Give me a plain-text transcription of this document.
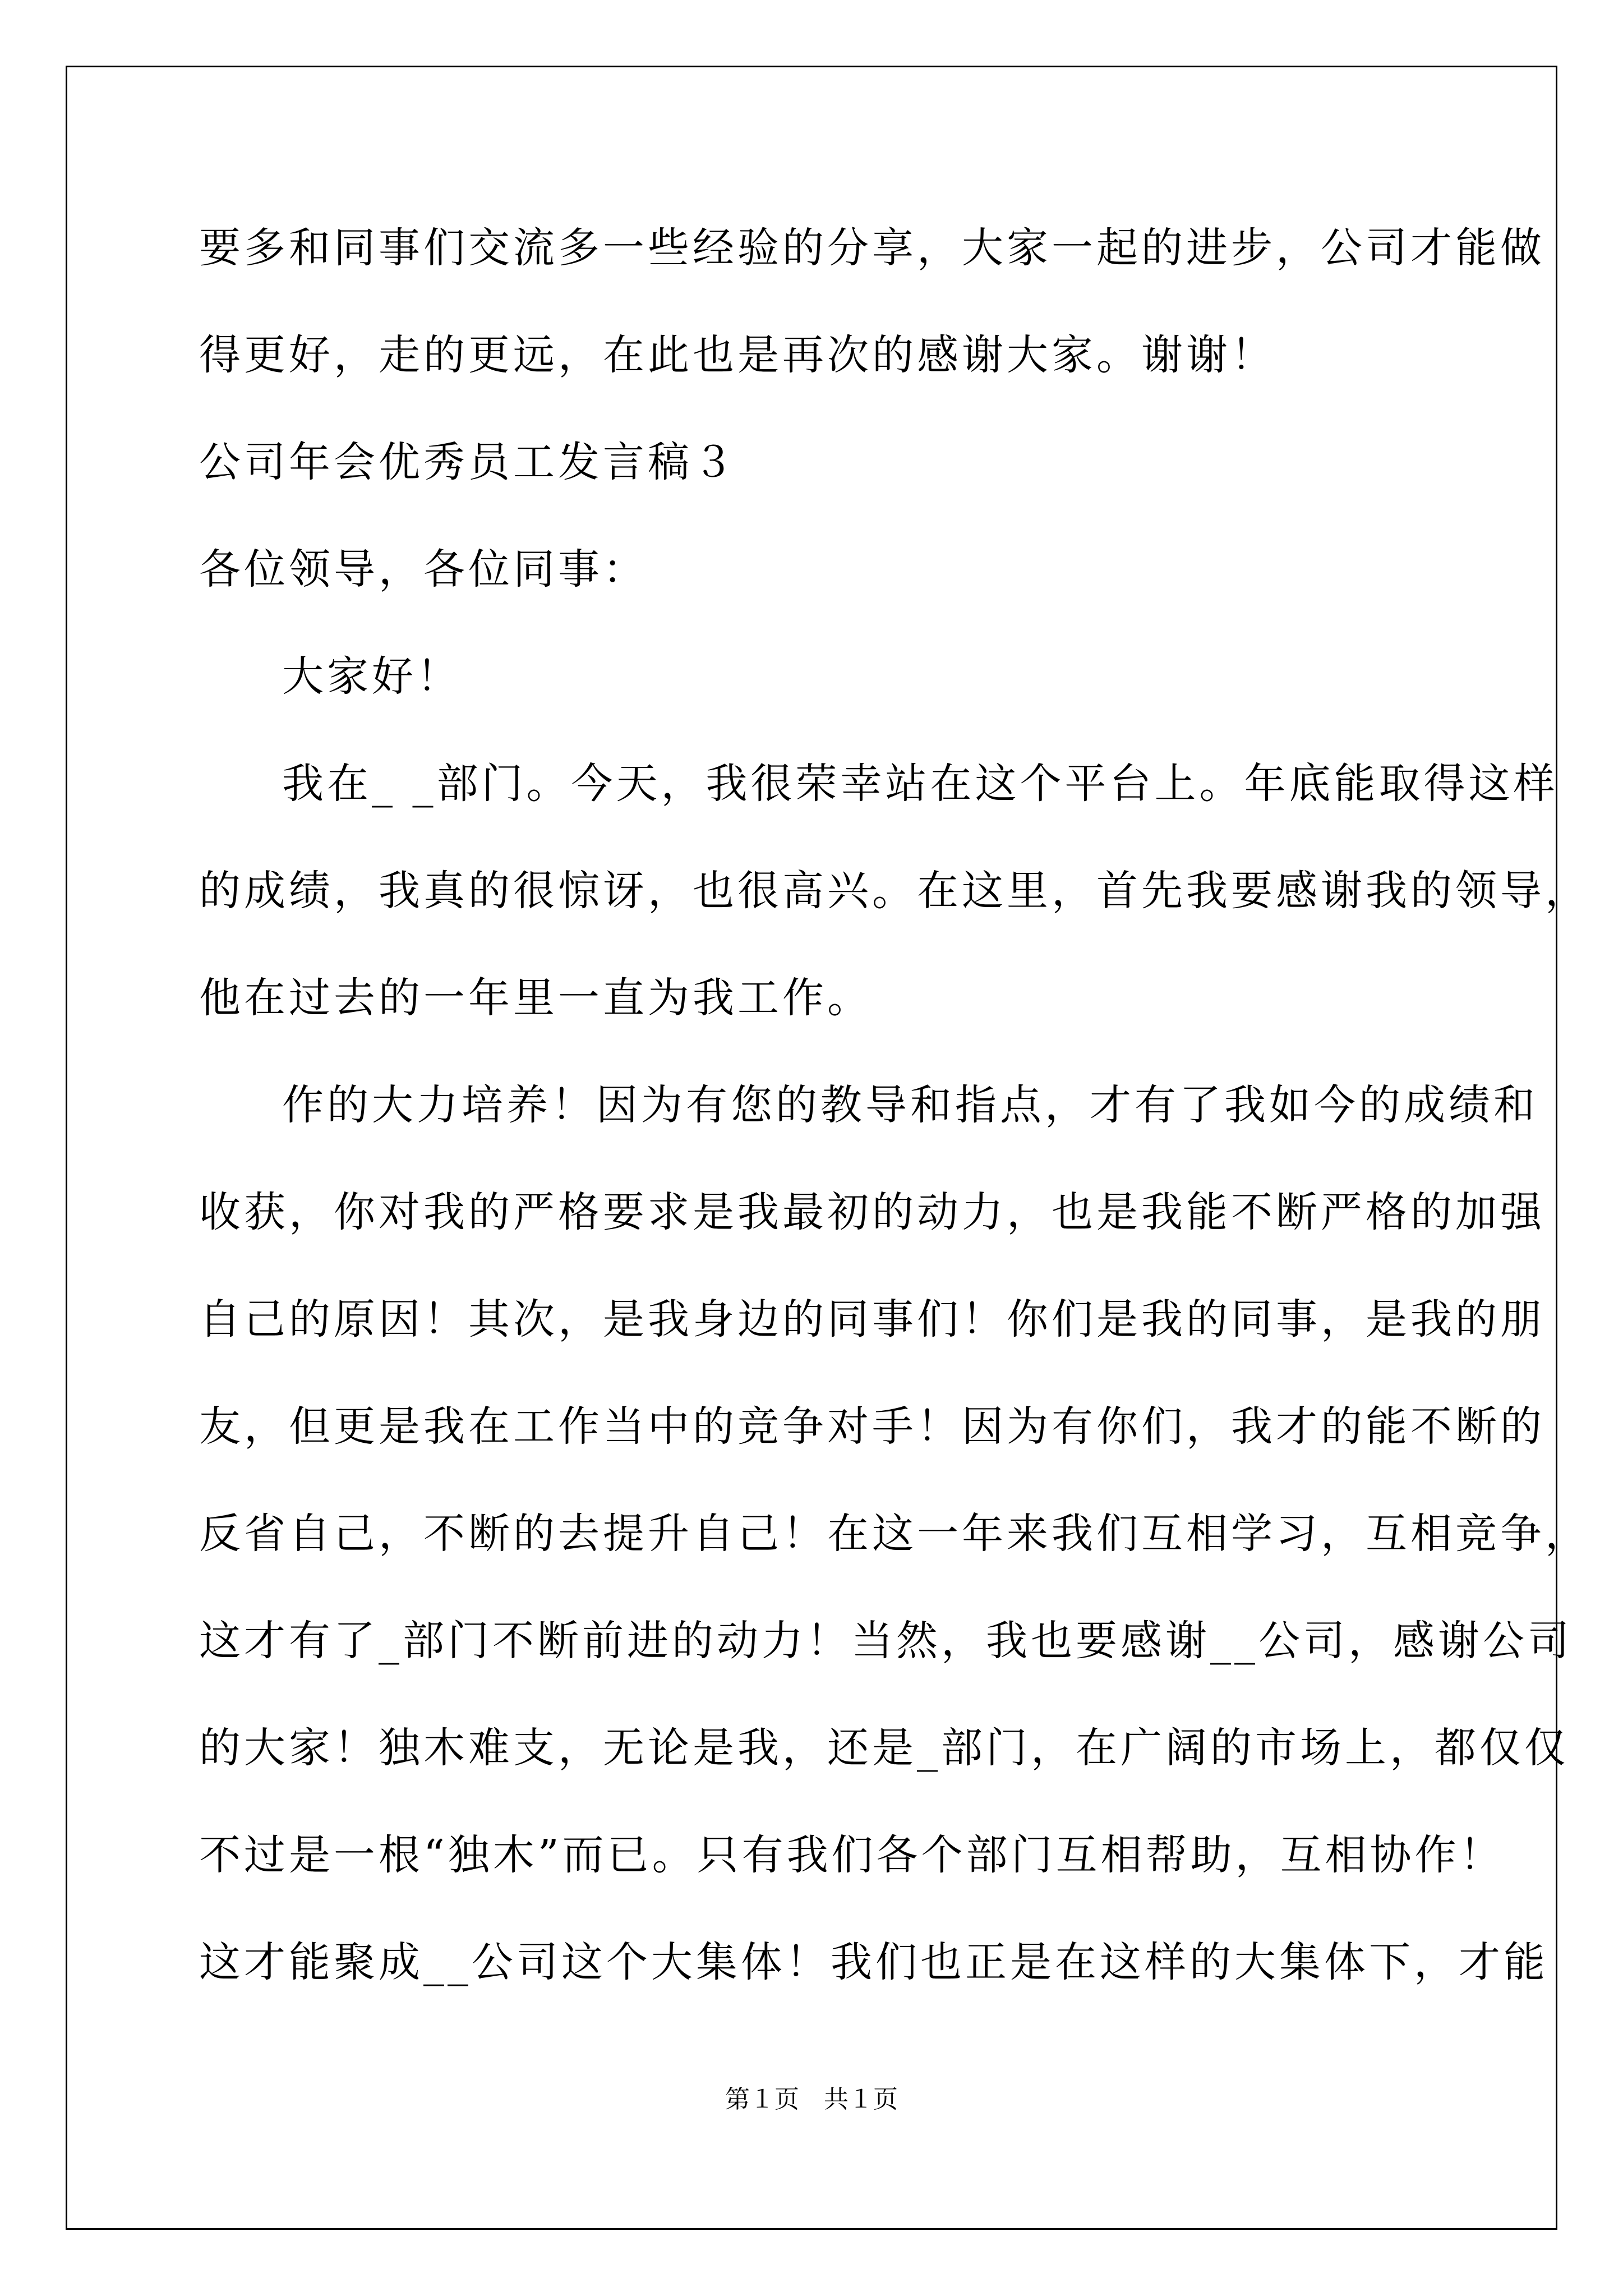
要多和同事们交流多一些经验的分享，大家一起的进步，公司才能做
得更好，走的更远，在此也是再次的感谢大家。谢谢！
公司年会优秀员工发言稿３
各位领导，各位同事：
大家好！
我在_ _部门。今天，我很荣幸站在这个平台上。年底能取得这样
的成绩，我真的很惊讶，也很高兴。在这里，首先我要感谢我的领导，
他在过去的一年里一直为我工作。
作的大力培养！因为有您的教导和指点，才有了我如今的成绩和
收获，你对我的严格要求是我最初的动力，也是我能不断严格的加强
自己的原因！其次，是我身边的同事们！你们是我的同事，是我的朋
友，但更是我在工作当中的竞争对手！因为有你们，我才的能不断的
反省自己，不断的去提升自己！在这一年来我们互相学习，互相竞争，
这才有了_部门不断前进的动力！当然，我也要感谢__公司，感谢公司
的大家！独木难支，无论是我，还是_部门，在广阔的市场上，都仅仅
不过是一根“独木”而已。只有我们各个部门互相帮助，互相协作！
这才能聚成__公司这个大集体！我们也正是在这样的大集体下，才能
第１页　共１页
